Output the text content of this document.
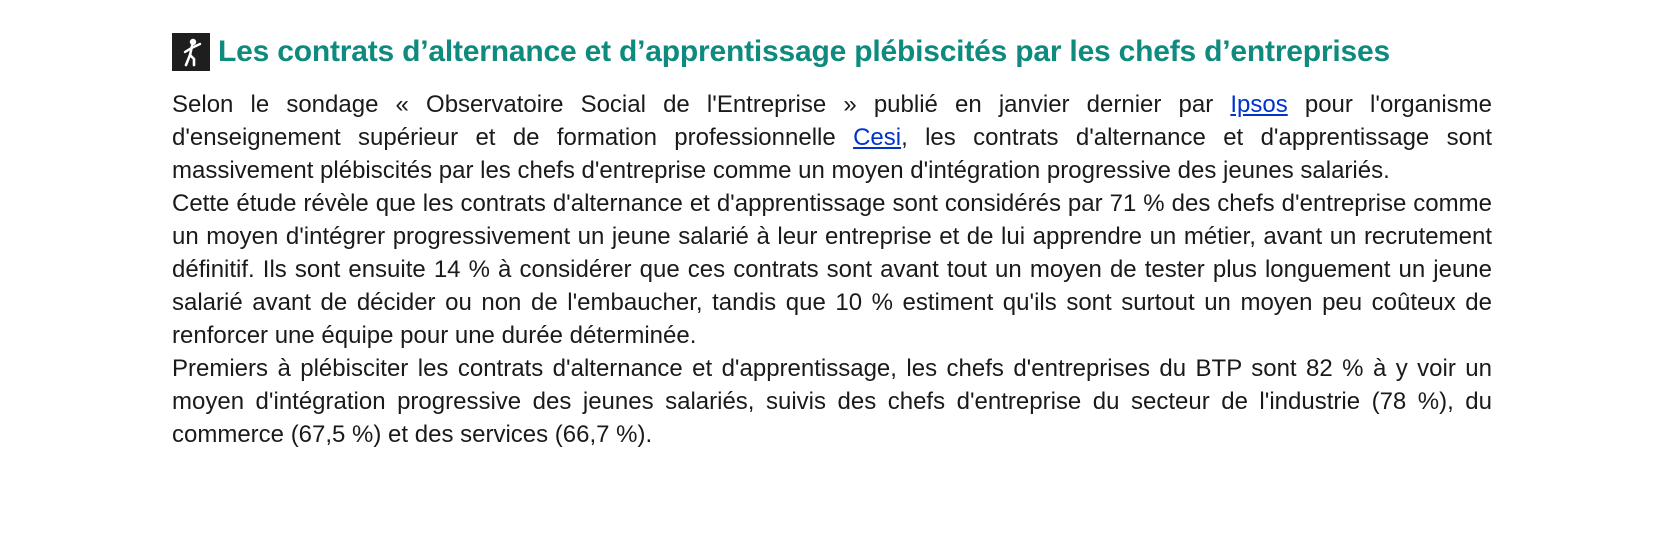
Les contrats d’alternance et d’apprentissage plébiscités par les chefs d’entreprises

Selon le sondage « Observatoire Social de l'Entreprise » publié en janvier dernier par Ipsos pour l'organisme d'enseignement supérieur et de formation professionnelle Cesi, les contrats d'alternance et d'apprentissage sont massivement plébiscités par les chefs d'entreprise comme un moyen d'intégration progressive des jeunes salariés.

Cette étude révèle que les contrats d'alternance et d'apprentissage sont considérés par 71 % des chefs d'entreprise comme un moyen d'intégrer progressivement un jeune salarié à leur entreprise et de lui apprendre un métier, avant un recrutement définitif. Ils sont ensuite 14 % à considérer que ces contrats sont avant tout un moyen de tester plus longuement un jeune salarié avant de décider ou non de l'embaucher, tandis que 10 % estiment qu'ils sont surtout un moyen peu coûteux de renforcer une équipe pour une durée déterminée.

Premiers à plébisciter les contrats d'alternance et d'apprentissage, les chefs d'entreprises du BTP sont 82 % à y voir un moyen d'intégration progressive des jeunes salariés, suivis des chefs d'entreprise du secteur de l'industrie (78 %), du commerce (67,5 %) et des services (66,7 %).
